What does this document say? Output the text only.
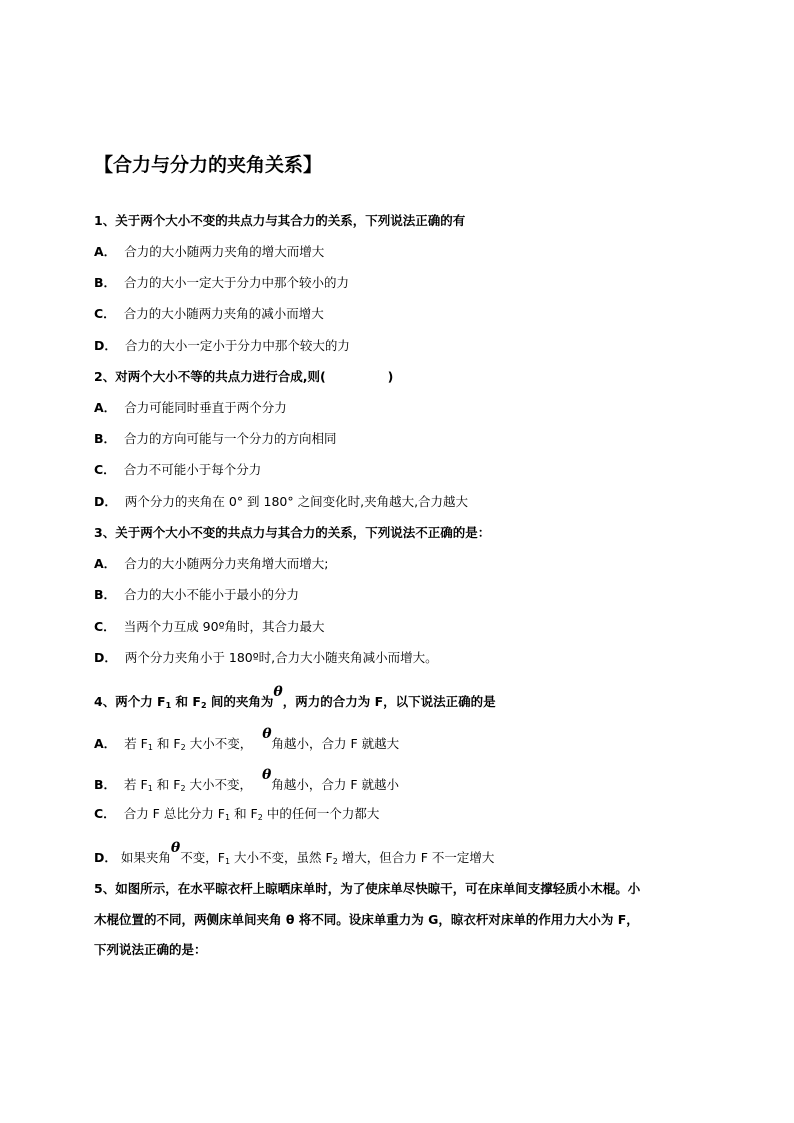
【合力与分力的夹角关系】
1、关于两个大小不变的共点力与其合力的关系，下列说法正确的有
A． 合力的大小随两力夹角的增大而增大
B． 合力的大小一定大于分力中那个较小的力
C． 合力的大小随两力夹角的减小而增大
D． 合力的大小一定小于分力中那个较大的力
2、对两个大小不等的共点力进行合成,则(	)
A． 合力可能同时垂直于两个分力
B． 合力的方向可能与一个分力的方向相同
C． 合力不可能小于每个分力
D． 两个分力的夹角在 0° 到 180° 之间变化时,夹角越大,合力越大
3、关于两个大小不变的共点力与其合力的关系，下列说法不正确的是：
A． 合力的大小随两分力夹角增大而增大;
B． 合力的大小不能小于最小的分力
C． 当两个力互成 90º角时，其合力最大
D． 两个分力夹角小于 180º时,合力大小随夹角减小而增大。
4、两个力 $F_1$ 和 $F_2$ 间的夹角为θ，两力的合力为 F，以下说法正确的是
A． 若 $F_1$ 和 $F_2$ 大小不变，θ角越小，合力 F 就越大
B． 若 $F_1$ 和 $F_2$ 大小不变，θ角越小，合力 F 就越小
C． 合力 F 总比分力 $F_1$ 和 $F_2$ 中的任何一个力都大
D． 如果夹角θ不变，$F_1$ 大小不变，虽然 $F_2$ 增大，但合力 F 不一定增大
5、如图所示，在水平晾衣杆上晾晒床单时，为了使床单尽快晾干，可在床单间支撑轻质小木棍。小
木棍位置的不同，两侧床单间夹角 θ 将不同。设床单重力为 G，晾衣杆对床单的作用力大小为 F，
下列说法正确的是：
